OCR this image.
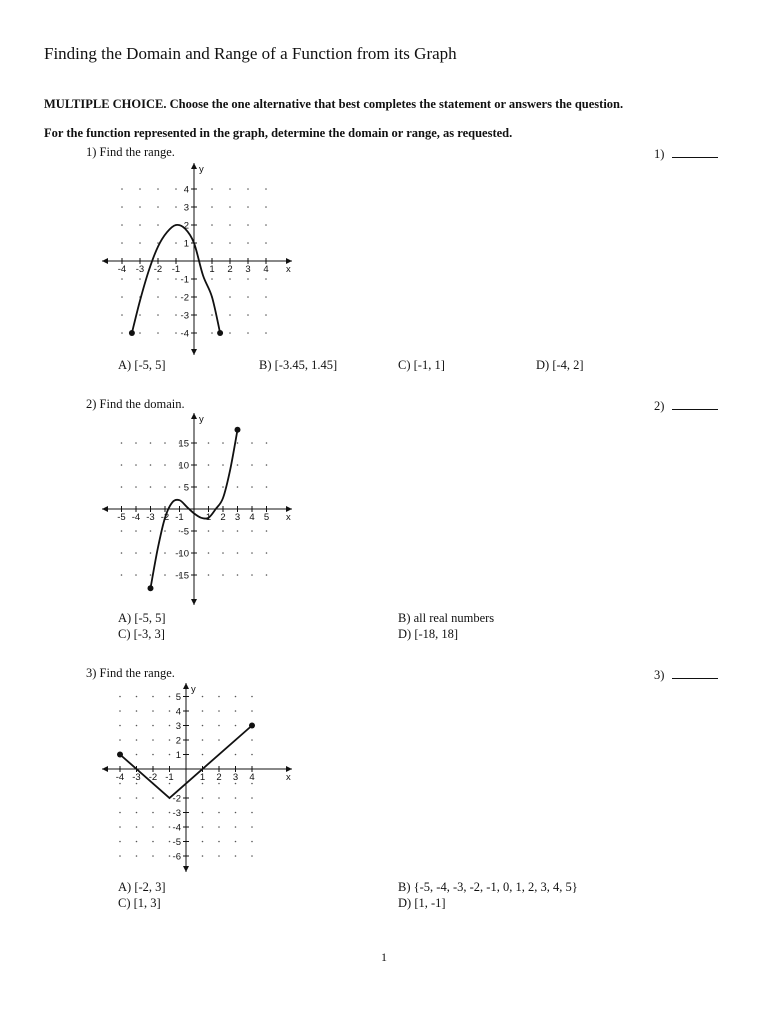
Finding the Domain and Range of a Function from its Graph
MULTIPLE CHOICE. Choose the one alternative that best completes the statement or answers the question.
For the function represented in the graph, determine the domain or range, as requested.
1) Find the range.	1)
-4 -3 -2 -1	1 2 3 4
4
3
2
1
-1
-2
-3
-4
x
y
A) [-5, 5]	B) [-3.45, 1.45]	C) [-1, 1]	D) [-4, 2]
2) Find the domain.	2)
-5 -4 -3 -2 -1 1 2 3 4 5
15
10
5
-5
-10
-15
x
y
A) [-5, 5]	B) all real numbers
C) [-3, 3]	D) [-18, 18]
3) Find the range.	3)
-4 -3 -2 -1	1 2 3 4
5
4
3
2
1
-2
-3
-4
-5
-6
x
y
A) [-2, 3]	B) {-5, -4, -3, -2, -1, 0, 1, 2, 3, 4, 5}
C) [1, 3]	D) [1, -1]
1
